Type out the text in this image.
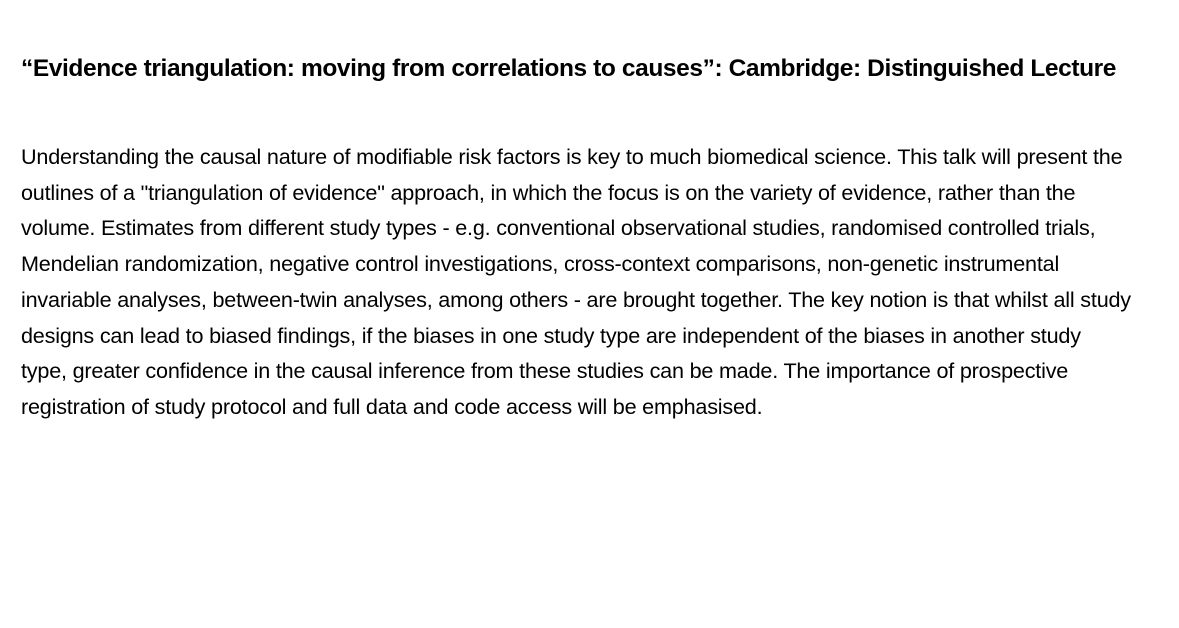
“Evidence triangulation: moving from correlations to causes”: Cambridge: Distinguished Lecture

Understanding the causal nature of modifiable risk factors is key to much biomedical science. This talk will present the outlines of a "triangulation of evidence" approach, in which the focus is on the variety of evidence, rather than the volume. Estimates from different study types - e.g. conventional observational studies, randomised controlled trials, Mendelian randomization, negative control investigations, cross-context comparisons, non-genetic instrumental invariable analyses, between-twin analyses, among others - are brought together. The key notion is that whilst all study designs can lead to biased findings, if the biases in one study type are independent of the biases in another study type, greater confidence in the causal inference from these studies can be made. The importance of prospective registration of study protocol and full data and code access will be emphasised.
